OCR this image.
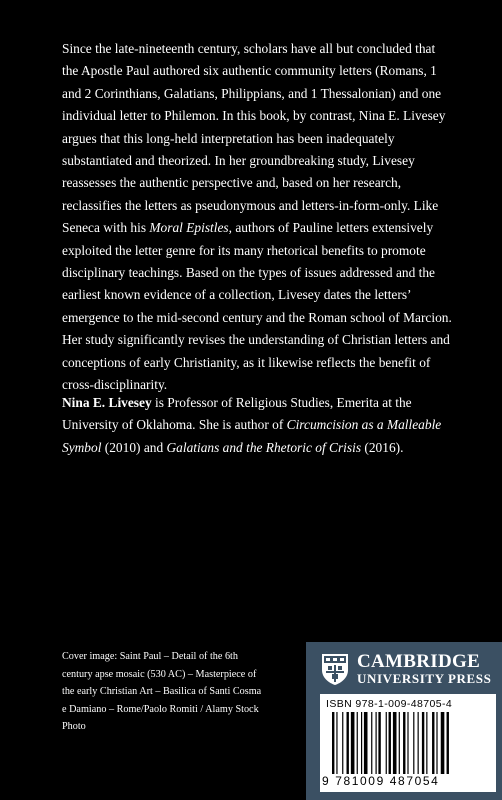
Since the late-nineteenth century, scholars have all but concluded that the Apostle Paul authored six authentic community letters (Romans, 1 and 2 Corinthians, Galatians, Philippians, and 1 Thessalonian) and one individual letter to Philemon. In this book, by contrast, Nina E. Livesey argues that this long-held interpretation has been inadequately substantiated and theorized. In her groundbreaking study, Livesey reassesses the authentic perspective and, based on her research, reclassifies the letters as pseudonymous and letters-in-form-only. Like Seneca with his Moral Epistles, authors of Pauline letters extensively exploited the letter genre for its many rhetorical benefits to promote disciplinary teachings. Based on the types of issues addressed and the earliest known evidence of a collection, Livesey dates the letters’ emergence to the mid-second century and the Roman school of Marcion. Her study significantly revises the understanding of Christian letters and conceptions of early Christianity, as it likewise reflects the benefit of cross-disciplinarity.

Nina E. Livesey is Professor of Religious Studies, Emerita at the University of Oklahoma. She is author of Circumcision as a Malleable Symbol (2010) and Galatians and the Rhetoric of Crisis (2016).

Cover image: Saint Paul – Detail of the 6th century apse mosaic (530 AC) – Masterpiece of the early Christian Art – Basilica of Santi Cosma e Damiano – Rome/Paolo Romiti / Alamy Stock Photo

CAMBRIDGE
UNIVERSITY PRESS
ISBN 978-1-009-48705-4
9 781009 487054
